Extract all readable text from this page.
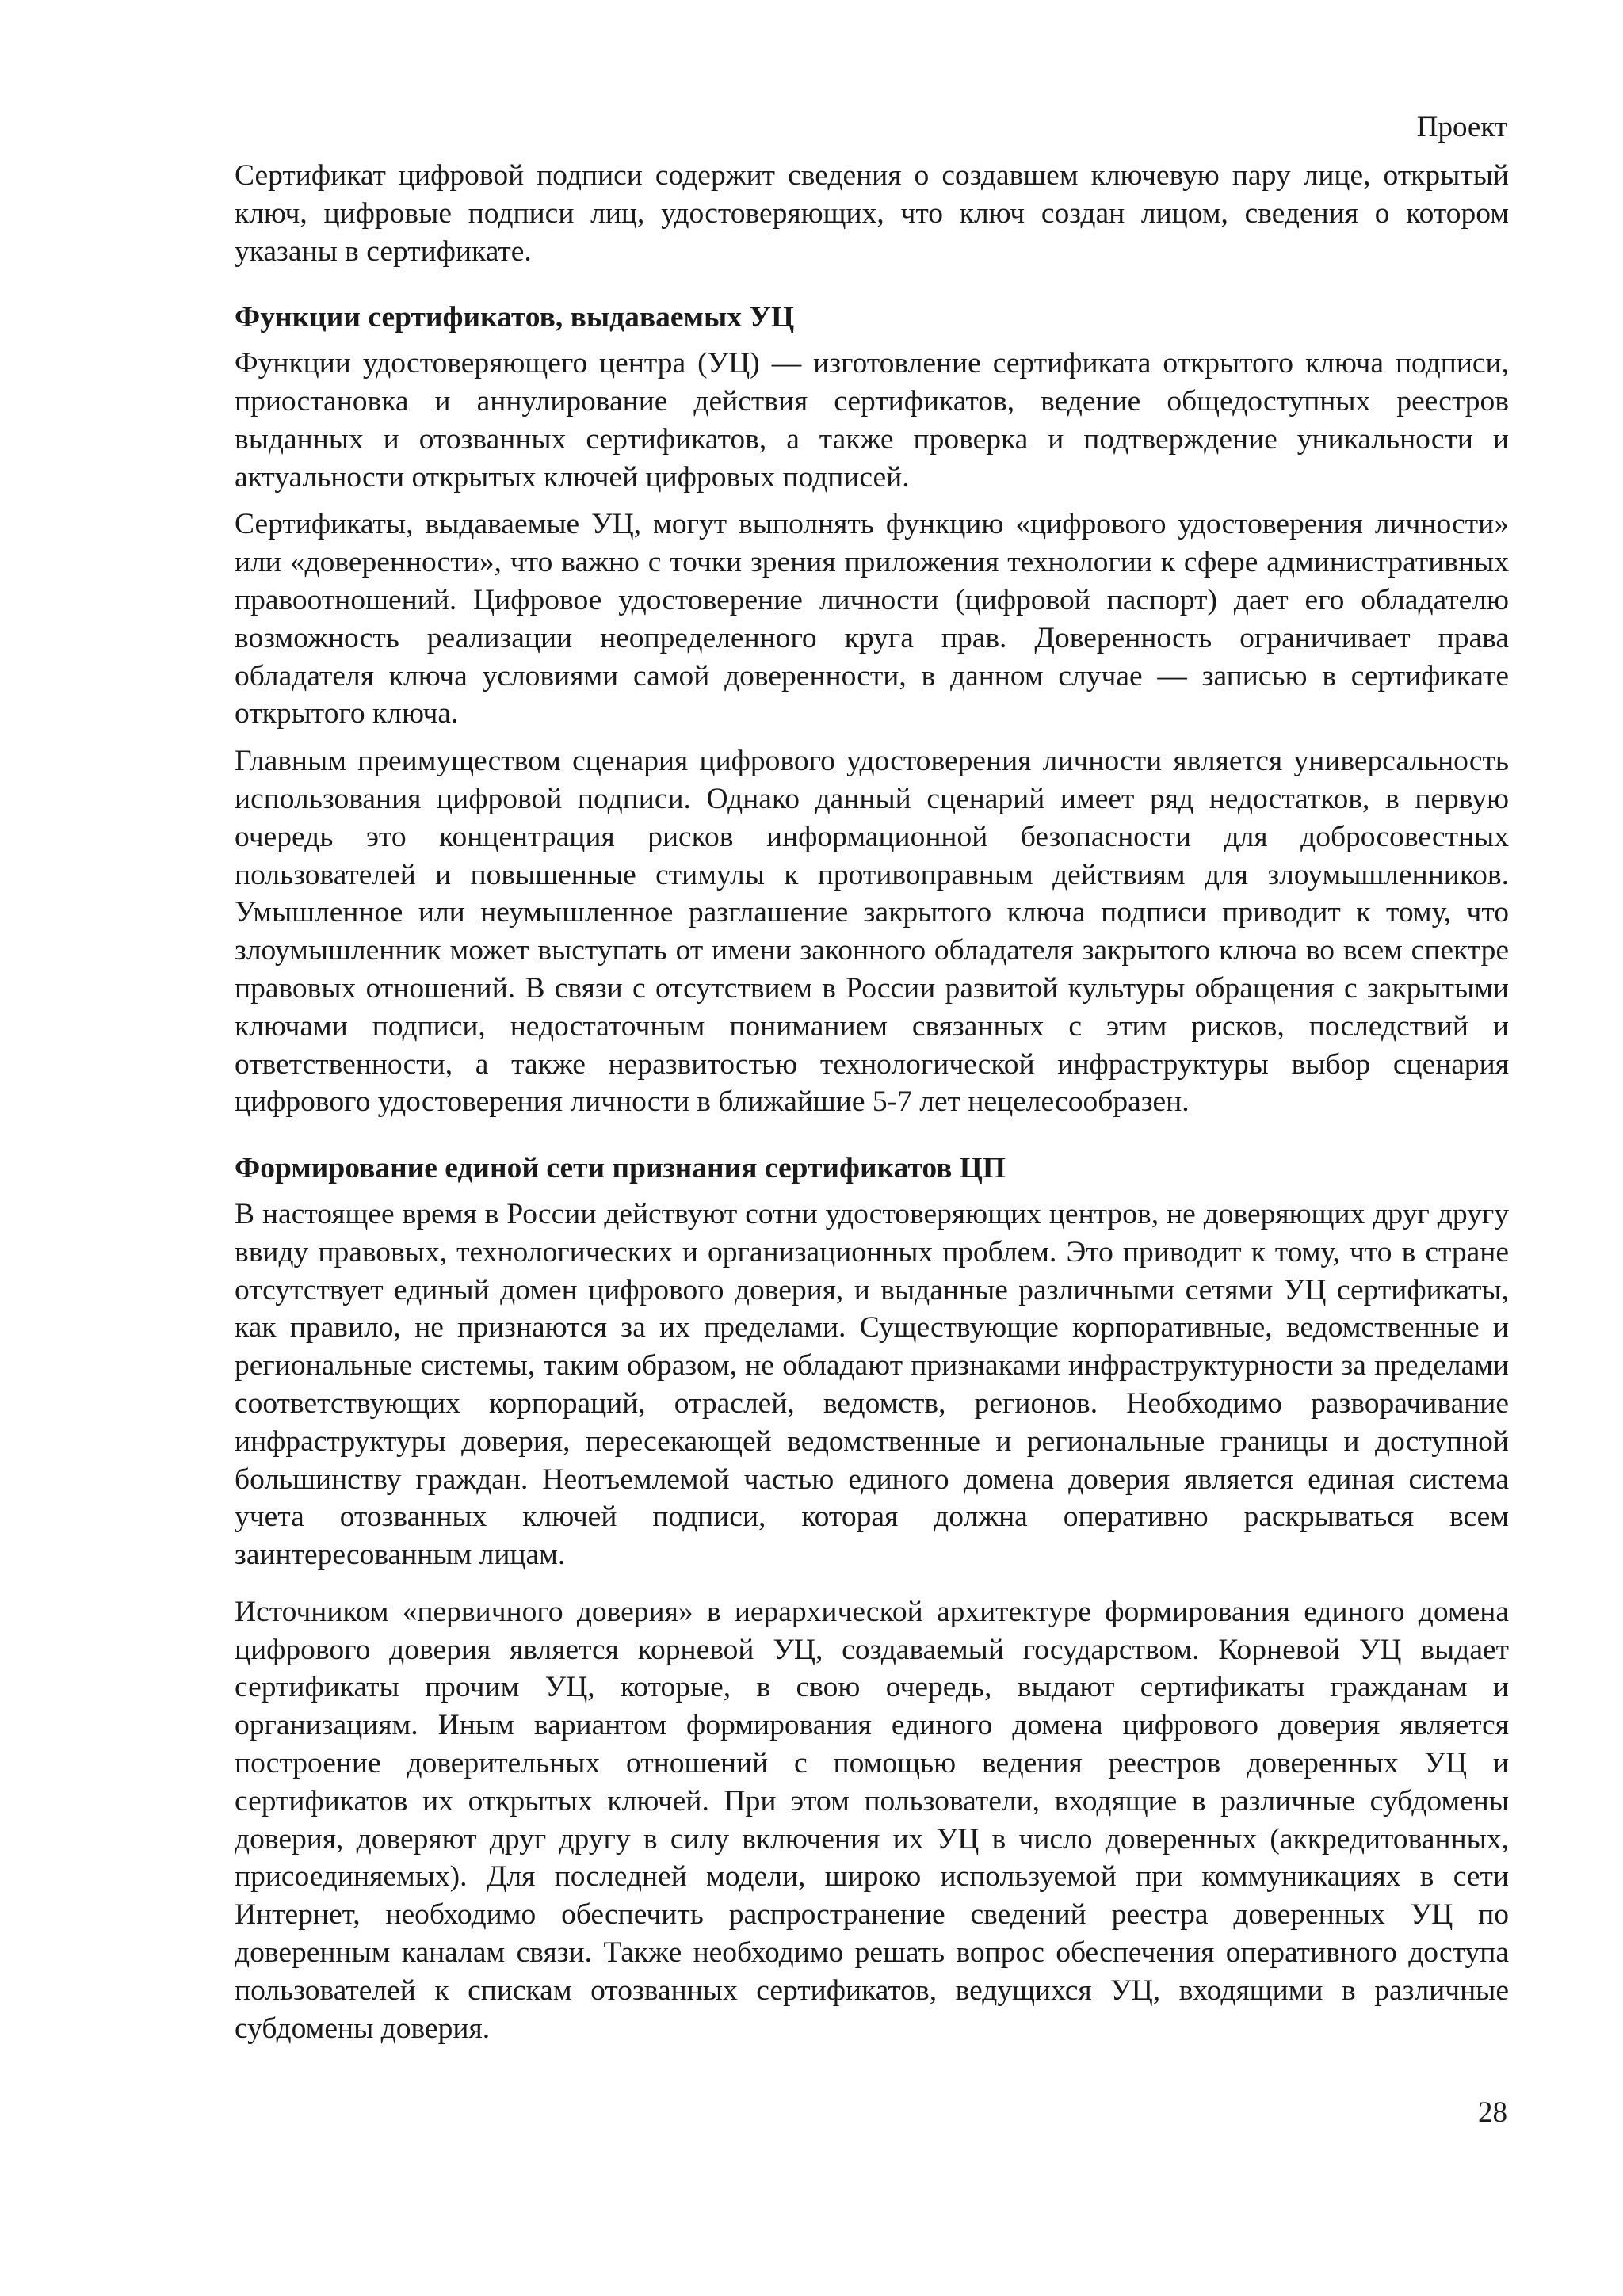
Проект

Сертификат цифровой подписи содержит сведения о создавшем ключевую пару лице, открытый ключ, цифровые подписи лиц, удостоверяющих, что ключ создан лицом, сведения о котором указаны в сертификате.

Функции сертификатов, выдаваемых УЦ

Функции удостоверяющего центра (УЦ) — изготовление сертификата открытого ключа подписи, приостановка и аннулирование действия сертификатов, ведение общедоступных реестров выданных и отозванных сертификатов, а также проверка и подтверждение уникальности и актуальности открытых ключей цифровых подписей.

Сертификаты, выдаваемые УЦ, могут выполнять функцию «цифрового удостоверения личности» или «доверенности», что важно с точки зрения приложения технологии к сфере административных правоотношений. Цифровое удостоверение личности (цифровой паспорт) дает его обладателю возможность реализации неопределенного круга прав. Доверенность ограничивает права обладателя ключа условиями самой доверенности, в данном случае — записью в сертификате открытого ключа.

Главным преимуществом сценария цифрового удостоверения личности является универсальность использования цифровой подписи. Однако данный сценарий имеет ряд недостатков, в первую очередь это концентрация рисков информационной безопасности для добросовестных пользователей и повышенные стимулы к противоправным действиям для злоумышленников. Умышленное или неумышленное разглашение закрытого ключа подписи приводит к тому, что злоумышленник может выступать от имени законного обладателя закрытого ключа во всем спектре правовых отношений. В связи с отсутствием в России развитой культуры обращения с закрытыми ключами подписи, недостаточным пониманием связанных с этим рисков, последствий и ответственности, а также неразвитостью технологической инфраструктуры выбор сценария цифрового удостоверения личности в ближайшие 5-7 лет нецелесообразен.

Формирование единой сети признания сертификатов ЦП

В настоящее время в России действуют сотни удостоверяющих центров, не доверяющих друг другу ввиду правовых, технологических и организационных проблем. Это приводит к тому, что в стране отсутствует единый домен цифрового доверия, и выданные различными сетями УЦ сертификаты, как правило, не признаются за их пределами. Существующие корпоративные, ведомственные и региональные системы, таким образом, не обладают признаками инфраструктурности за пределами соответствующих корпораций, отраслей, ведомств, регионов. Необходимо разворачивание инфраструктуры доверия, пересекающей ведомственные и региональные границы и доступной большинству граждан. Неотъемлемой частью единого домена доверия является единая система учета отозванных ключей подписи, которая должна оперативно раскрываться всем заинтересованным лицам.

Источником «первичного доверия» в иерархической архитектуре формирования единого домена цифрового доверия является корневой УЦ, создаваемый государством. Корневой УЦ выдает сертификаты прочим УЦ, которые, в свою очередь, выдают сертификаты гражданам и организациям. Иным вариантом формирования единого домена цифрового доверия является построение доверительных отношений с помощью ведения реестров доверенных УЦ и сертификатов их открытых ключей. При этом пользователи, входящие в различные субдомены доверия, доверяют друг другу в силу включения их УЦ в число доверенных (аккредитованных, присоединяемых). Для последней модели, широко используемой при коммуникациях в сети Интернет, необходимо обеспечить распространение сведений реестра доверенных УЦ по доверенным каналам связи. Также необходимо решать вопрос обеспечения оперативного доступа пользователей к спискам отозванных сертификатов, ведущихся УЦ, входящими в различные субдомены доверия.

28
